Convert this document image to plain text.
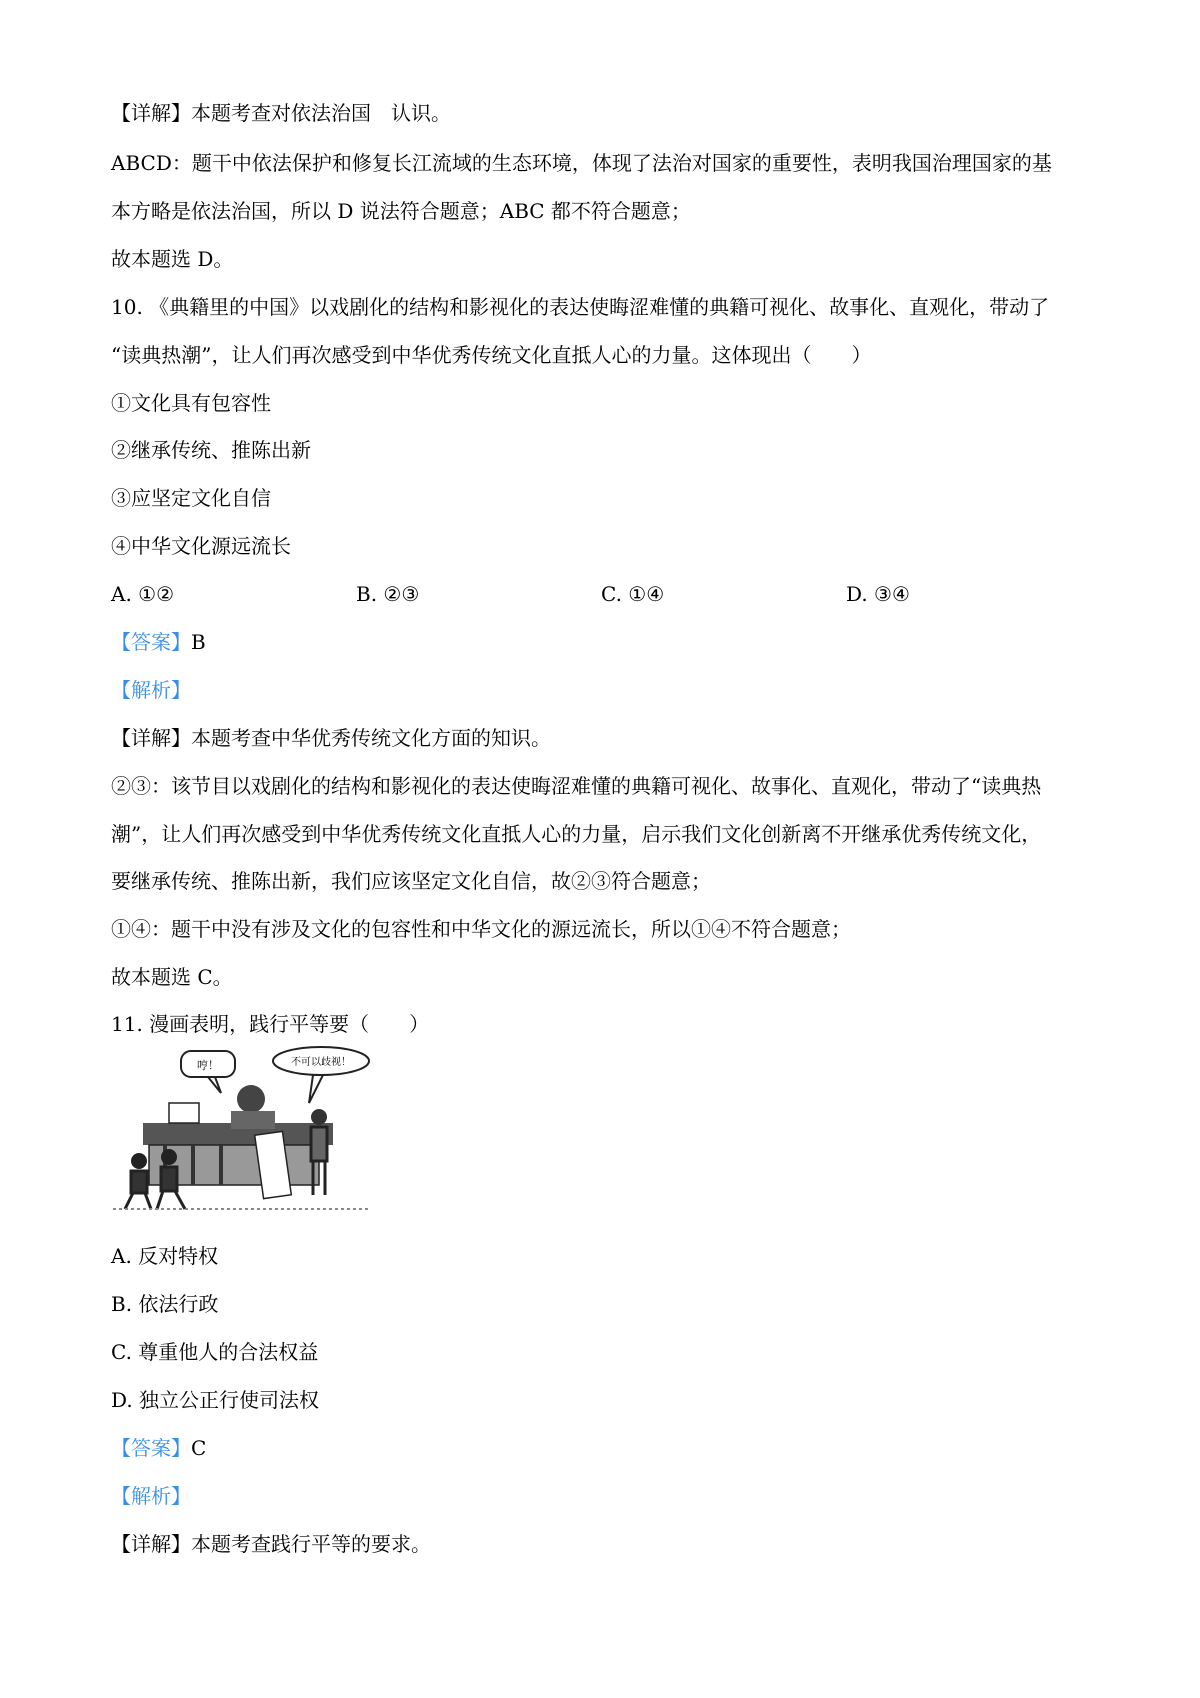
【详解】本题考查对依法治国　认识。
ABCD：题干中依法保护和修复长江流域的生态环境，体现了法治对国家的重要性，表明我国治理国家的基
本方略是依法治国，所以 D 说法符合题意；ABC 都不符合题意；
故本题选 D。
10. 《典籍里的中国》以戏剧化的结构和影视化的表达使晦涩难懂的典籍可视化、故事化、直观化，带动了
“读典热潮”，让人们再次感受到中华优秀传统文化直抵人心的力量。这体现出（　　）
①文化具有包容性
②继承传统、推陈出新
③应坚定文化自信
④中华文化源远流长
A. ①②	B. ②③	C. ①④	D. ③④
【答案】B
【解析】
【详解】本题考查中华优秀传统文化方面的知识。
②③：该节目以戏剧化的结构和影视化的表达使晦涩难懂的典籍可视化、故事化、直观化，带动了“读典热
潮”，让人们再次感受到中华优秀传统文化直抵人心的力量，启示我们文化创新离不开继承优秀传统文化，
要继承传统、推陈出新，我们应该坚定文化自信，故②③符合题意；
①④：题干中没有涉及文化的包容性和中华文化的源远流长，所以①④不符合题意；
故本题选 C。
11. 漫画表明，践行平等要（　　）
哼！	不可以歧视！
A. 反对特权
B. 依法行政
C. 尊重他人的合法权益
D. 独立公正行使司法权
【答案】C
【解析】
【详解】本题考查践行平等的要求。
